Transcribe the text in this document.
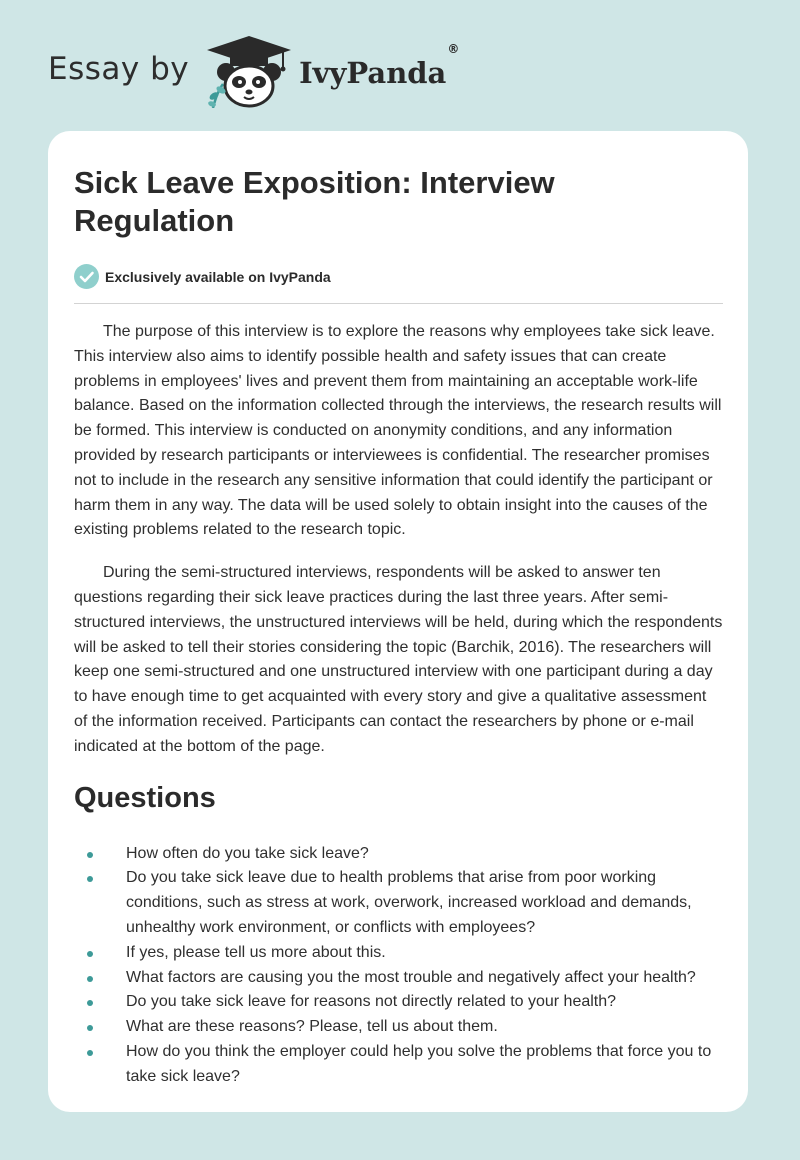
Essay by	IvyPanda®
Sick Leave Exposition: Interview Regulation
Exclusively available on IvyPanda

The purpose of this interview is to explore the reasons why employees take sick leave. This interview also aims to identify possible health and safety issues that can create problems in employees' lives and prevent them from maintaining an acceptable work-life balance. Based on the information collected through the interviews, the research results will be formed. This interview is conducted on anonymity conditions, and any information provided by research participants or interviewees is confidential. The researcher promises not to include in the research any sensitive information that could identify the participant or harm them in any way. The data will be used solely to obtain insight into the causes of the existing problems related to the research topic.

During the semi-structured interviews, respondents will be asked to answer ten questions regarding their sick leave practices during the last three years. After semi-structured interviews, the unstructured interviews will be held, during which the respondents will be asked to tell their stories considering the topic (Barchik, 2016). The researchers will keep one semi-structured and one unstructured interview with one participant during a day to have enough time to get acquainted with every story and give a qualitative assessment of the information received. Participants can contact the researchers by phone or e-mail indicated at the bottom of the page.

Questions
How often do you take sick leave?
Do you take sick leave due to health problems that arise from poor working conditions, such as stress at work, overwork, increased workload and demands, unhealthy work environment, or conflicts with employees?
If yes, please tell us more about this.
What factors are causing you the most trouble and negatively affect your health?
Do you take sick leave for reasons not directly related to your health?
What are these reasons? Please, tell us about them.
How do you think the employer could help you solve the problems that force you to take sick leave?
